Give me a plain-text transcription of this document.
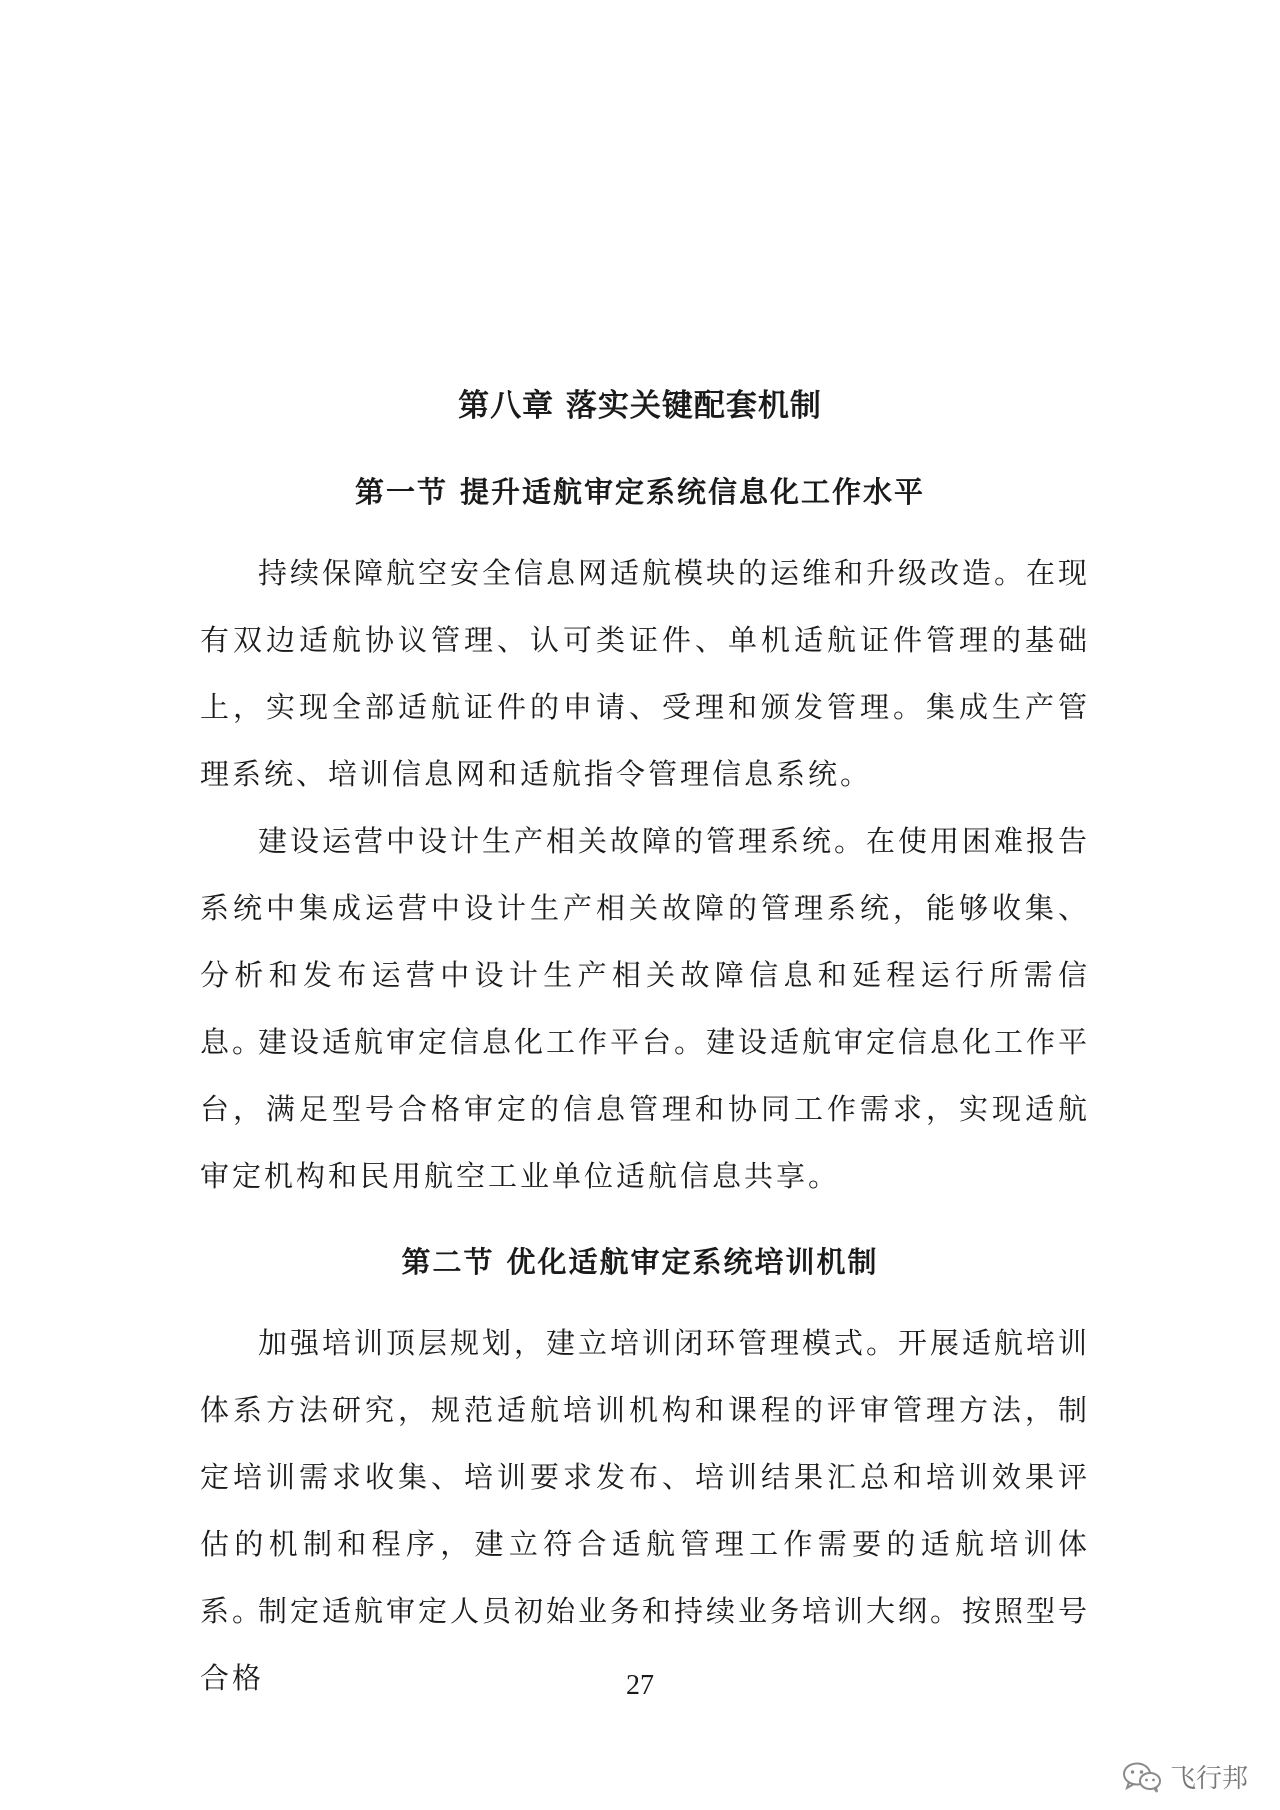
第八章 落实关键配套机制
第一节 提升适航审定系统信息化工作水平

持续保障航空安全信息网适航模块的运维和升级改造。在现有双边适航协议管理、认可类证件、单机适航证件管理的基础上，实现全部适航证件的申请、受理和颁发管理。集成生产管理系统、培训信息网和适航指令管理信息系统。

建设运营中设计生产相关故障的管理系统。在使用困难报告系统中集成运营中设计生产相关故障的管理系统，能够收集、分析和发布运营中设计生产相关故障信息和延程运行所需信息。

建设适航审定信息化工作平台。建设适航审定信息化工作平台，满足型号合格审定的信息管理和协同工作需求，实现适航审定机构和民用航空工业单位适航信息共享。

第二节 优化适航审定系统培训机制

加强培训顶层规划，建立培训闭环管理模式。开展适航培训体系方法研究，规范适航培训机构和课程的评审管理方法，制定培训需求收集、培训要求发布、培训结果汇总和培训效果评估的机制和程序，建立符合适航管理工作需要的适航培训体系。

制定适航审定人员初始业务和持续业务培训大纲。按照型号合格	27
飞行邦
